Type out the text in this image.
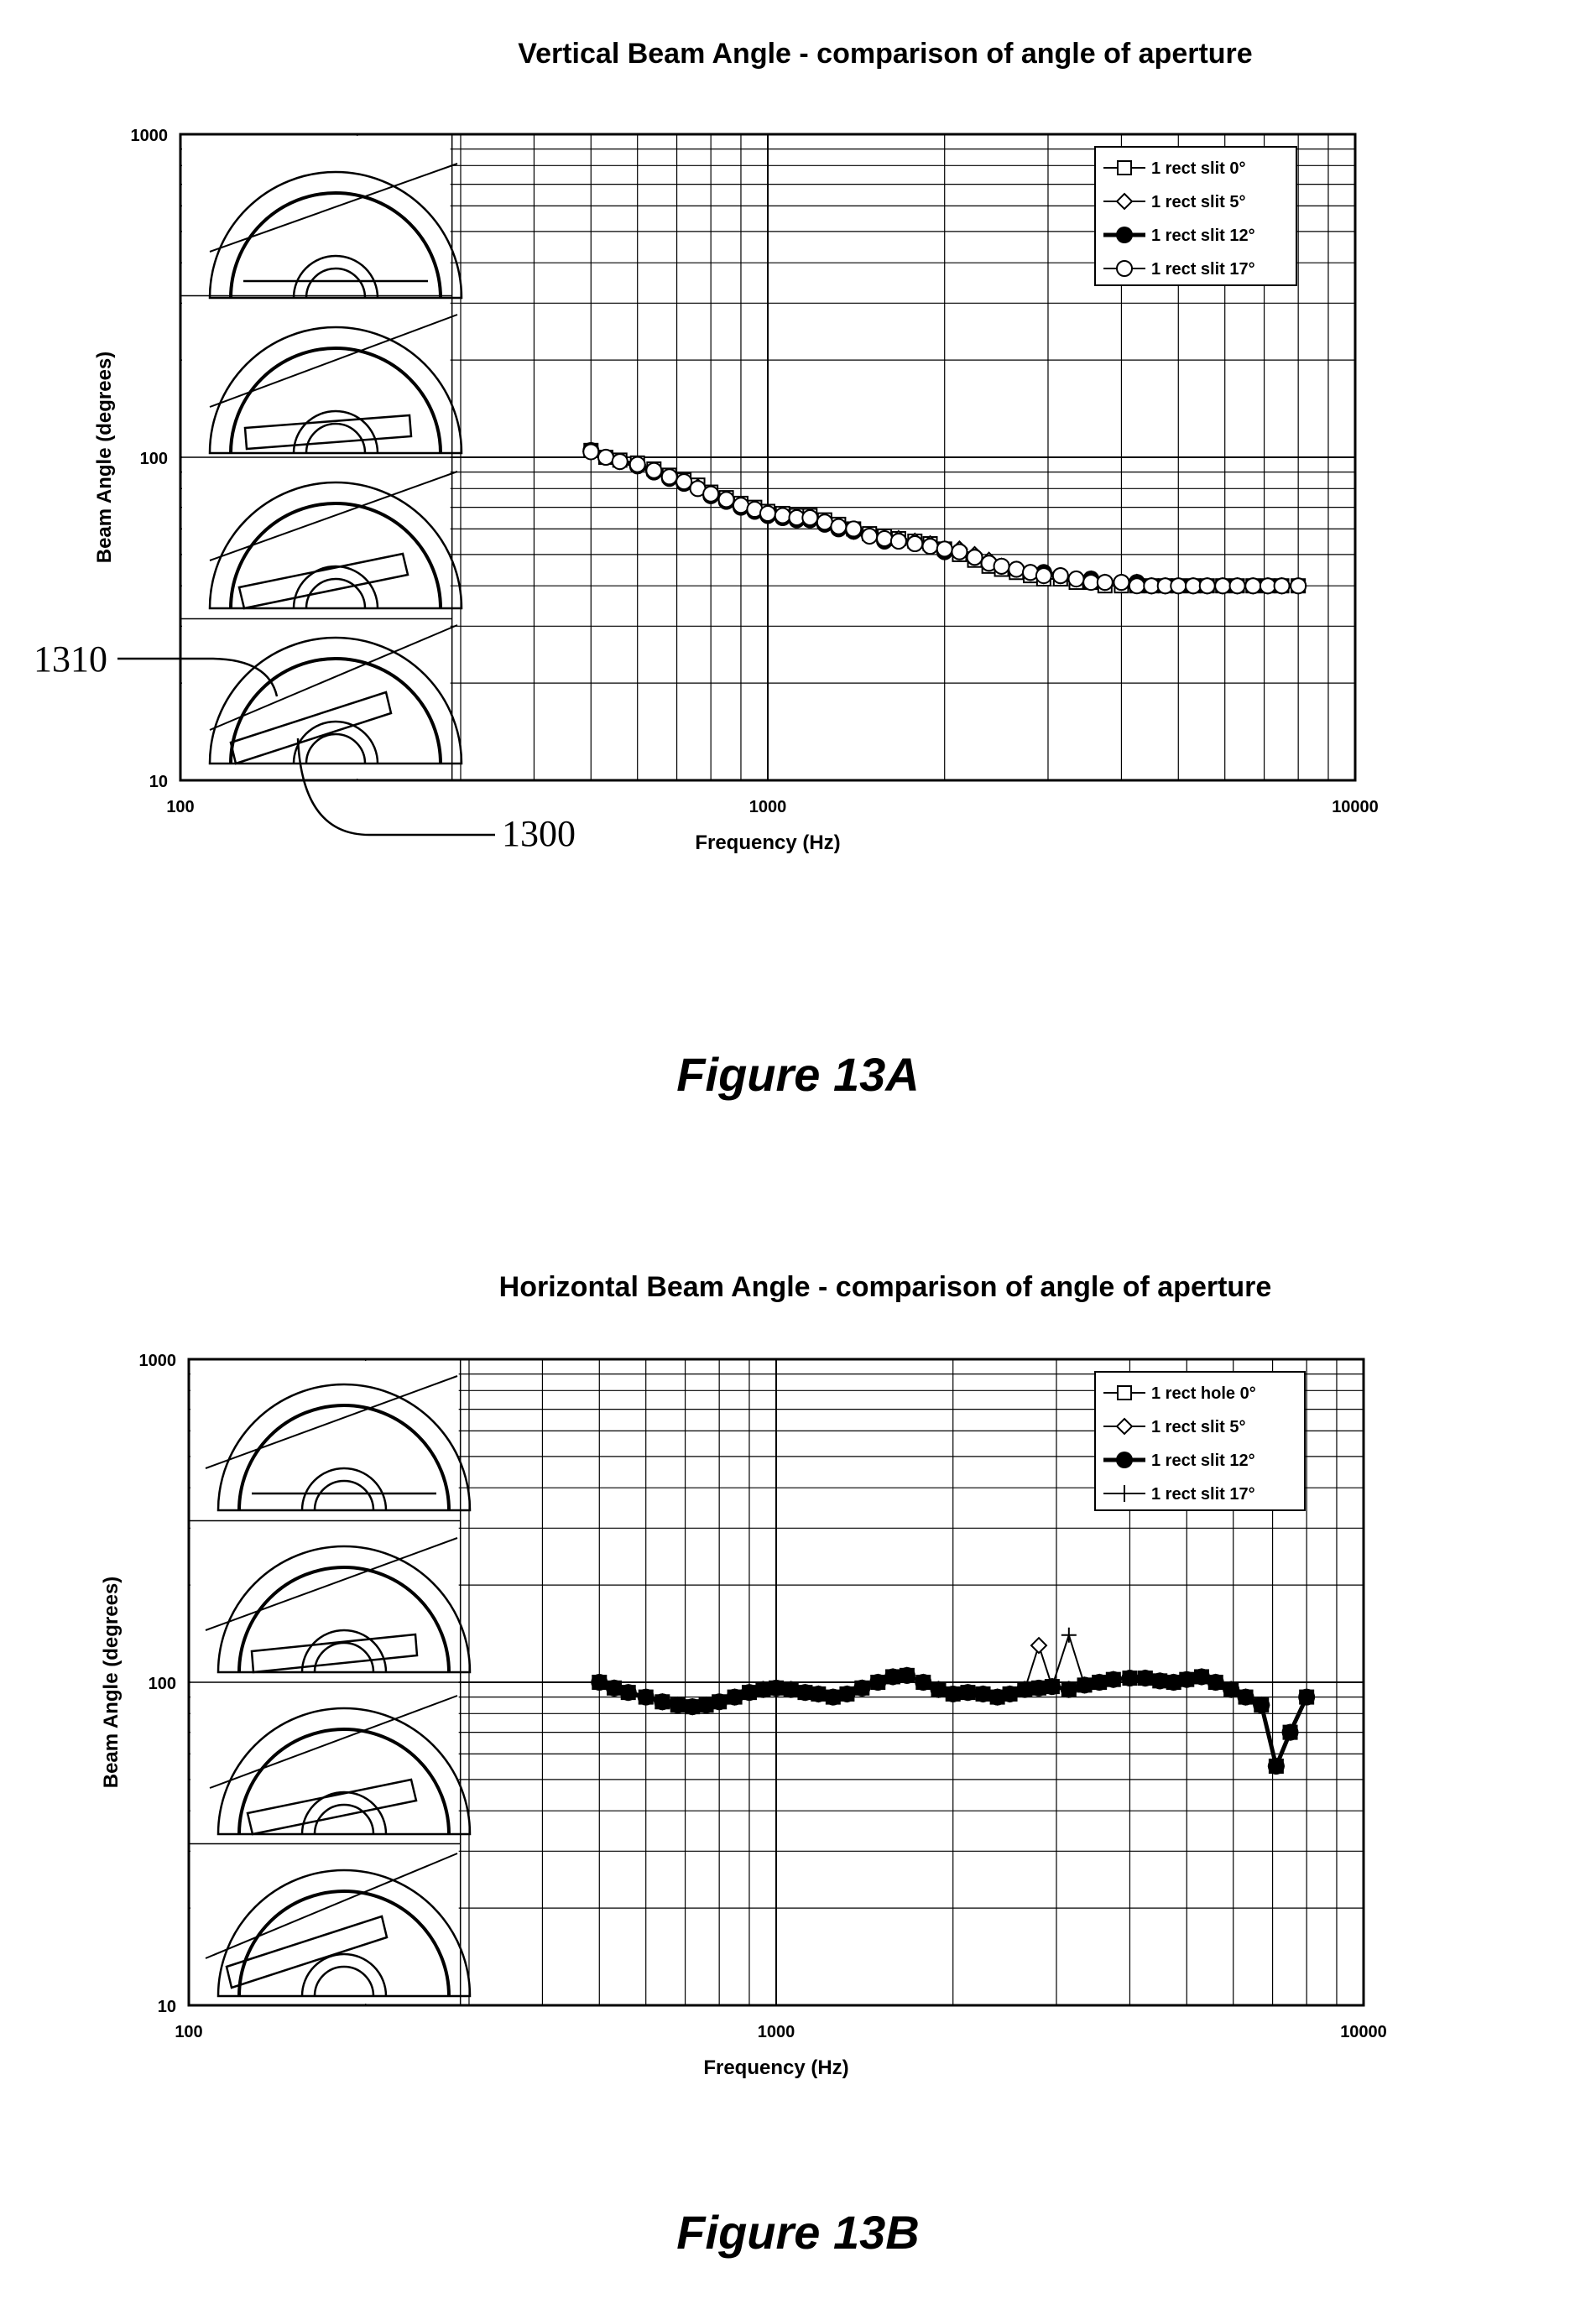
Vertical Beam Angle - comparison of angle of aperture
1000
100
10
100	1000	10000
Frequency (Hz)
Beam Angle (degrees)
1 rect slit 0°
1 rect slit 5°
1 rect slit 12°
1 rect slit 17°
1310
1300
Figure 13A
Horizontal Beam Angle - comparison of angle of aperture
1000
100
10
100	1000	10000
Frequency (Hz)
Beam Angle (degrees)
1 rect hole 0°
1 rect slit 5°
1 rect slit 12°
1 rect slit 17°
Figure 13B
